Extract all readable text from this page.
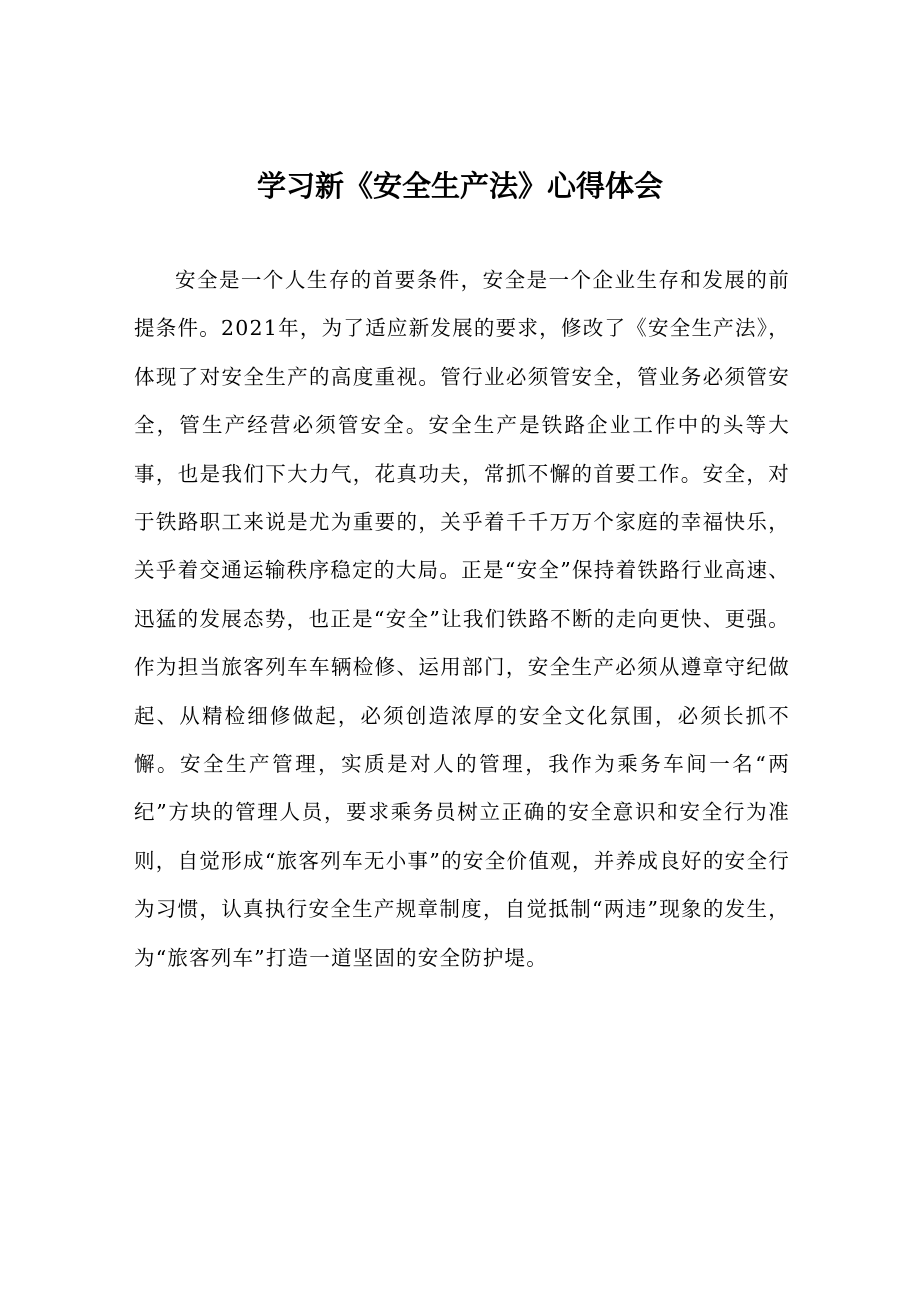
学习新《安全生产法》心得体会

安全是一个人生存的首要条件，安全是一个企业生存和发展的前提条件。2021年，为了适应新发展的要求，修改了《安全生产法》，体现了对安全生产的高度重视。管行业必须管安全，管业务必须管安全，管生产经营必须管安全。安全生产是铁路企业工作中的头等大事，也是我们下大力气，花真功夫，常抓不懈的首要工作。安全，对于铁路职工来说是尤为重要的，关乎着千千万万个家庭的幸福快乐，关乎着交通运输秩序稳定的大局。正是“安全”保持着铁路行业高速、迅猛的发展态势，也正是“安全”让我们铁路不断的走向更快、更强。作为担当旅客列车车辆检修、运用部门，安全生产必须从遵章守纪做起、从精检细修做起，必须创造浓厚的安全文化氛围，必须长抓不懈。安全生产管理，实质是对人的管理，我作为乘务车间一名“两纪”方块的管理人员，要求乘务员树立正确的安全意识和安全行为准则，自觉形成“旅客列车无小事”的安全价值观，并养成良好的安全行为习惯，认真执行安全生产规章制度，自觉抵制“两违”现象的发生，为“旅客列车”打造一道坚固的安全防护堤。
